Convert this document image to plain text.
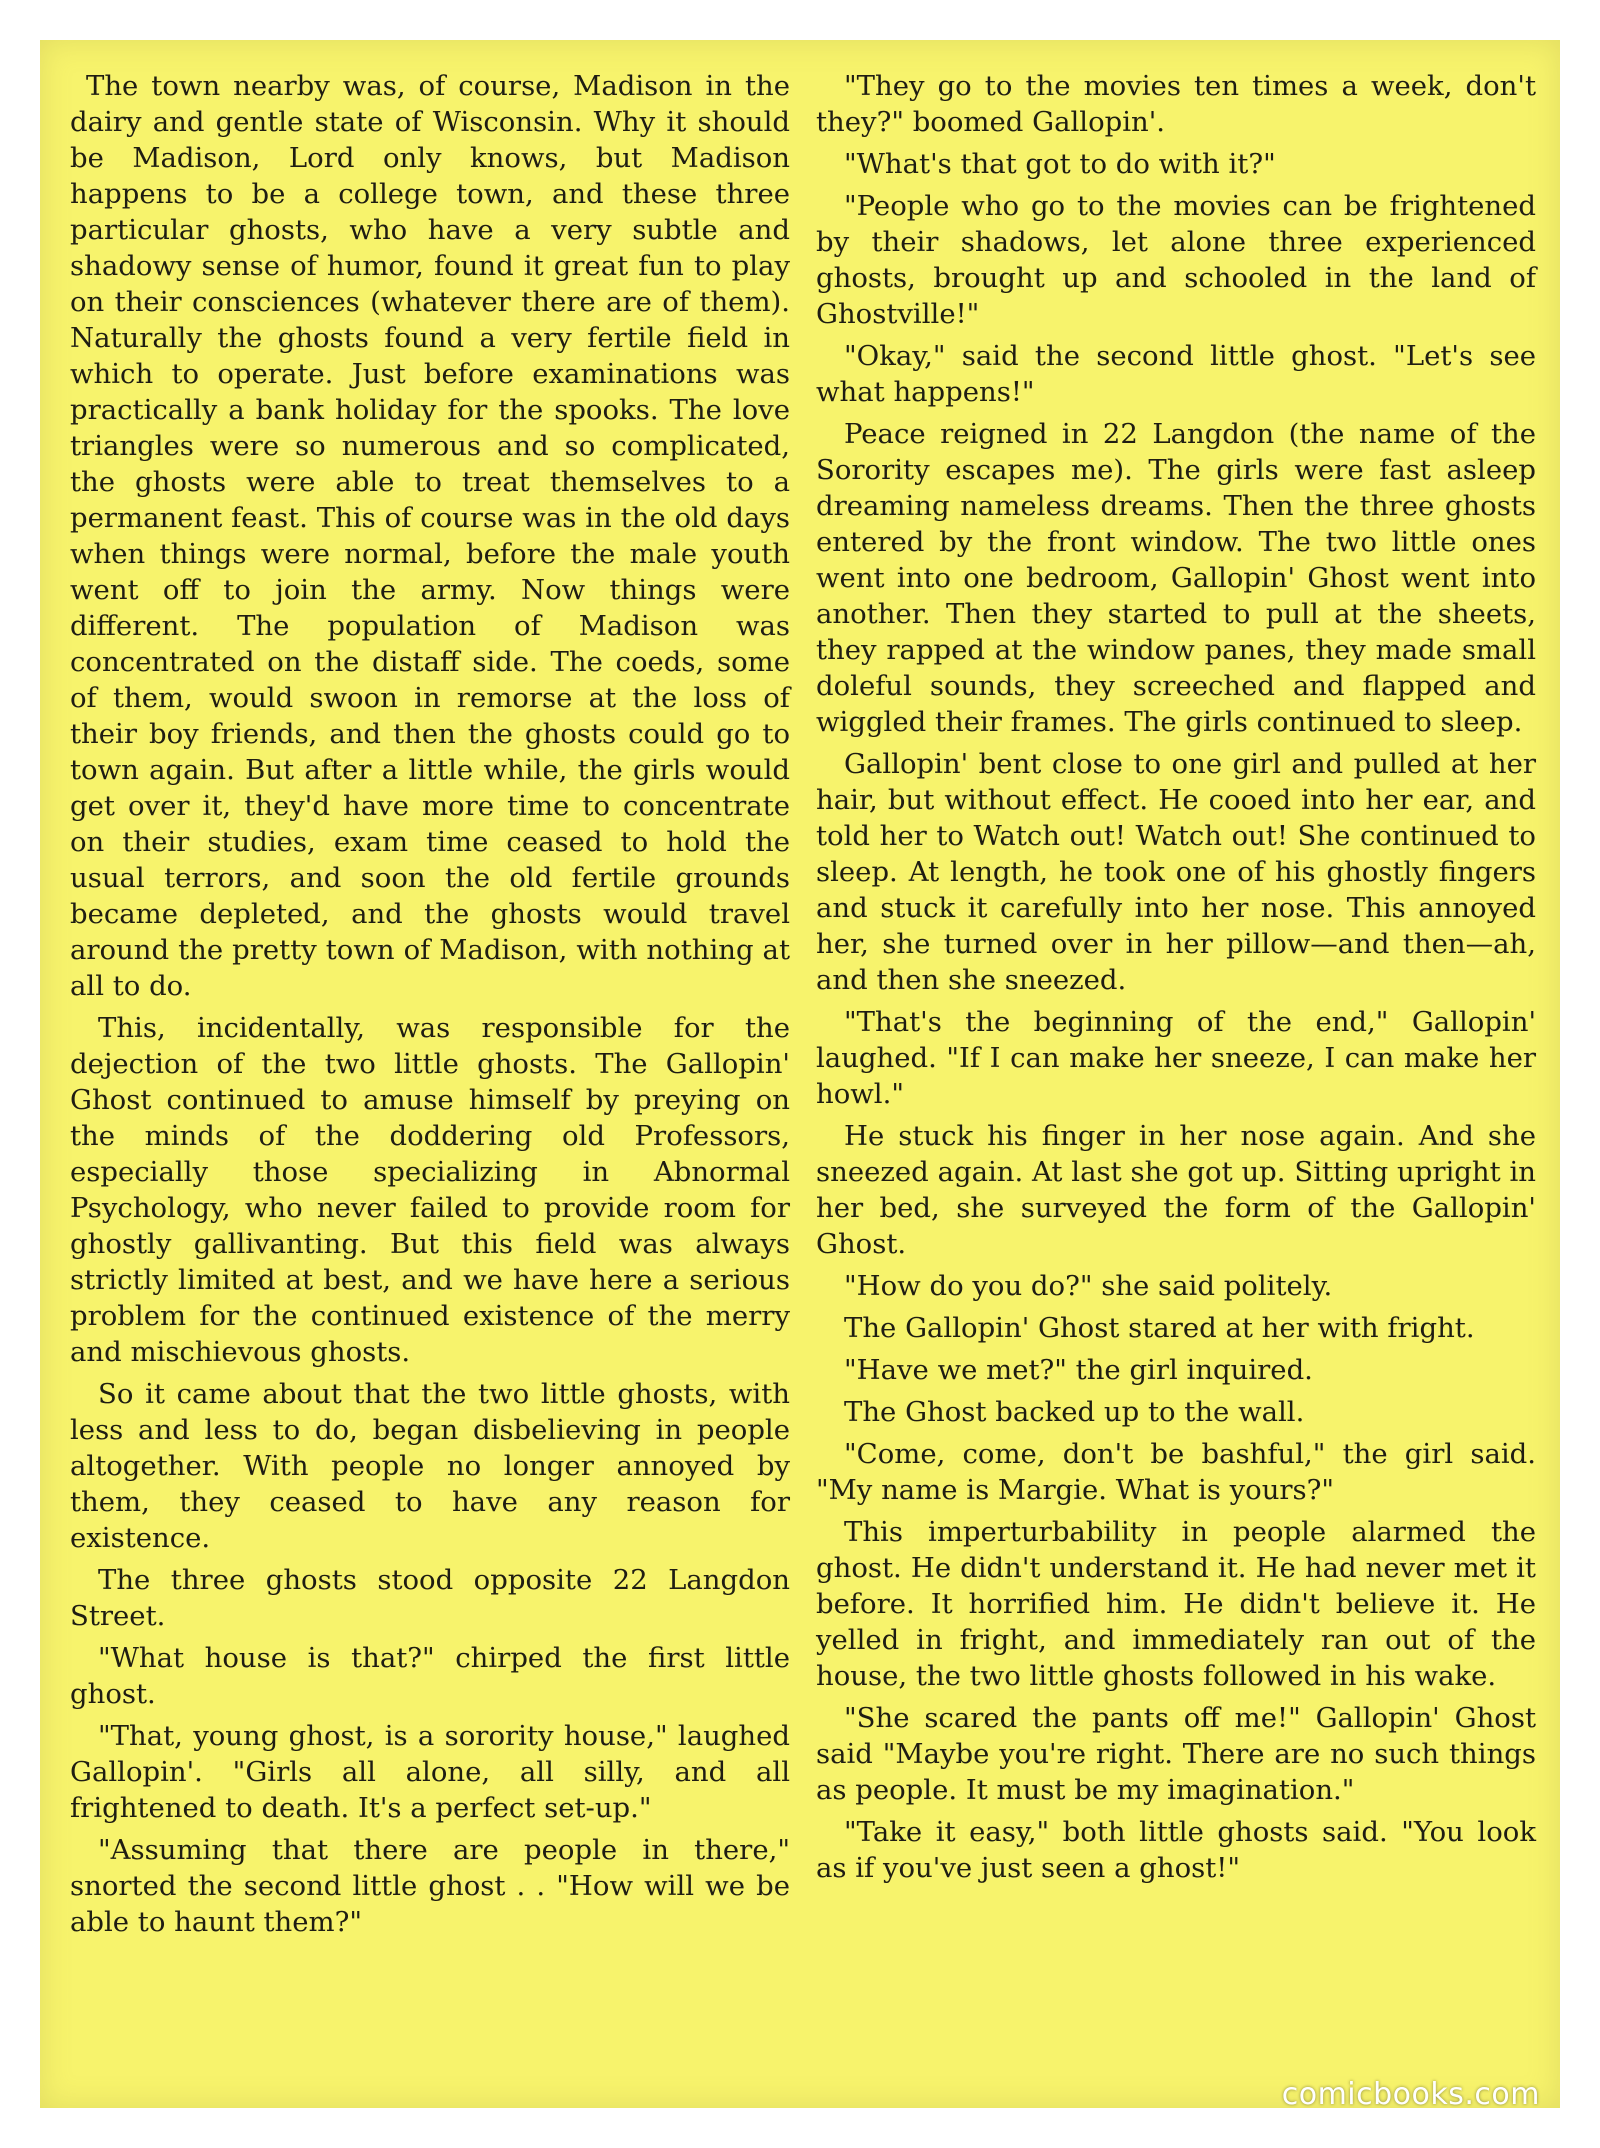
The town nearby was, of course, Madison in the dairy and gentle state of Wisconsin. Why it should be Madison, Lord only knows, but Madison happens to be a college town, and these three particular ghosts, who have a very subtle and shadowy sense of humor, found it great fun to play on their consciences (whatever there are of them). Naturally the ghosts found a very fertile field in which to operate. Just before examinations was practically a bank holiday for the spooks. The love triangles were so numerous and so complicated, the ghosts were able to treat themselves to a permanent feast. This of course was in the old days when things were normal, before the male youth went off to join the army. Now things were different. The population of Madison was concentrated on the distaff side. The coeds, some of them, would swoon in remorse at the loss of their boy friends, and then the ghosts could go to town again. But after a little while, the girls would get over it, they'd have more time to concentrate on their studies, exam time ceased to hold the usual terrors, and soon the old fertile grounds became depleted, and the ghosts would travel around the pretty town of Madison, with nothing at all to do.

This, incidentally, was responsible for the dejection of the two little ghosts. The Gallopin' Ghost continued to amuse himself by preying on the minds of the doddering old Professors, especially those specializing in Abnormal Psychology, who never failed to provide room for ghostly gallivanting. But this field was always strictly limited at best, and we have here a serious problem for the continued existence of the merry and mischievous ghosts.

So it came about that the two little ghosts, with less and less to do, began disbelieving in people altogether. With people no longer annoyed by them, they ceased to have any reason for existence.

The three ghosts stood opposite 22 Langdon Street.

"What house is that?" chirped the first little ghost.

"That, young ghost, is a sorority house," laughed Gallopin'. "Girls all alone, all silly, and all frightened to death. It's a perfect set-up."

"Assuming that there are people in there," snorted the second little ghost . . "How will we be able to haunt them?"

"They go to the movies ten times a week, don't they?" boomed Gallopin'.

"What's that got to do with it?"

"People who go to the movies can be frightened by their shadows, let alone three experienced ghosts, brought up and schooled in the land of Ghostville!"

"Okay," said the second little ghost. "Let's see what happens!"

Peace reigned in 22 Langdon (the name of the Sorority escapes me). The girls were fast asleep dreaming nameless dreams. Then the three ghosts entered by the front window. The two little ones went into one bedroom, Gallopin' Ghost went into another. Then they started to pull at the sheets, they rapped at the window panes, they made small doleful sounds, they screeched and flapped and wiggled their frames. The girls continued to sleep.

Gallopin' bent close to one girl and pulled at her hair, but without effect. He cooed into her ear, and told her to Watch out! Watch out! She continued to sleep. At length, he took one of his ghostly fingers and stuck it carefully into her nose. This annoyed her, she turned over in her pillow—and then—ah, and then she sneezed.

"That's the beginning of the end," Gallopin' laughed. "If I can make her sneeze, I can make her howl."

He stuck his finger in her nose again. And she sneezed again. At last she got up. Sitting upright in her bed, she surveyed the form of the Gallopin' Ghost.

"How do you do?" she said politely.

The Gallopin' Ghost stared at her with fright.

"Have we met?" the girl inquired.

The Ghost backed up to the wall.

"Come, come, don't be bashful," the girl said. "My name is Margie. What is yours?"

This imperturbability in people alarmed the ghost. He didn't understand it. He had never met it before. It horrified him. He didn't believe it. He yelled in fright, and immediately ran out of the house, the two little ghosts followed in his wake.

"She scared the pants off me!" Gallopin' Ghost said "Maybe you're right. There are no such things as people. It must be my imagination."

"Take it easy," both little ghosts said. "You look as if you've just seen a ghost!"

comicbooks.com
